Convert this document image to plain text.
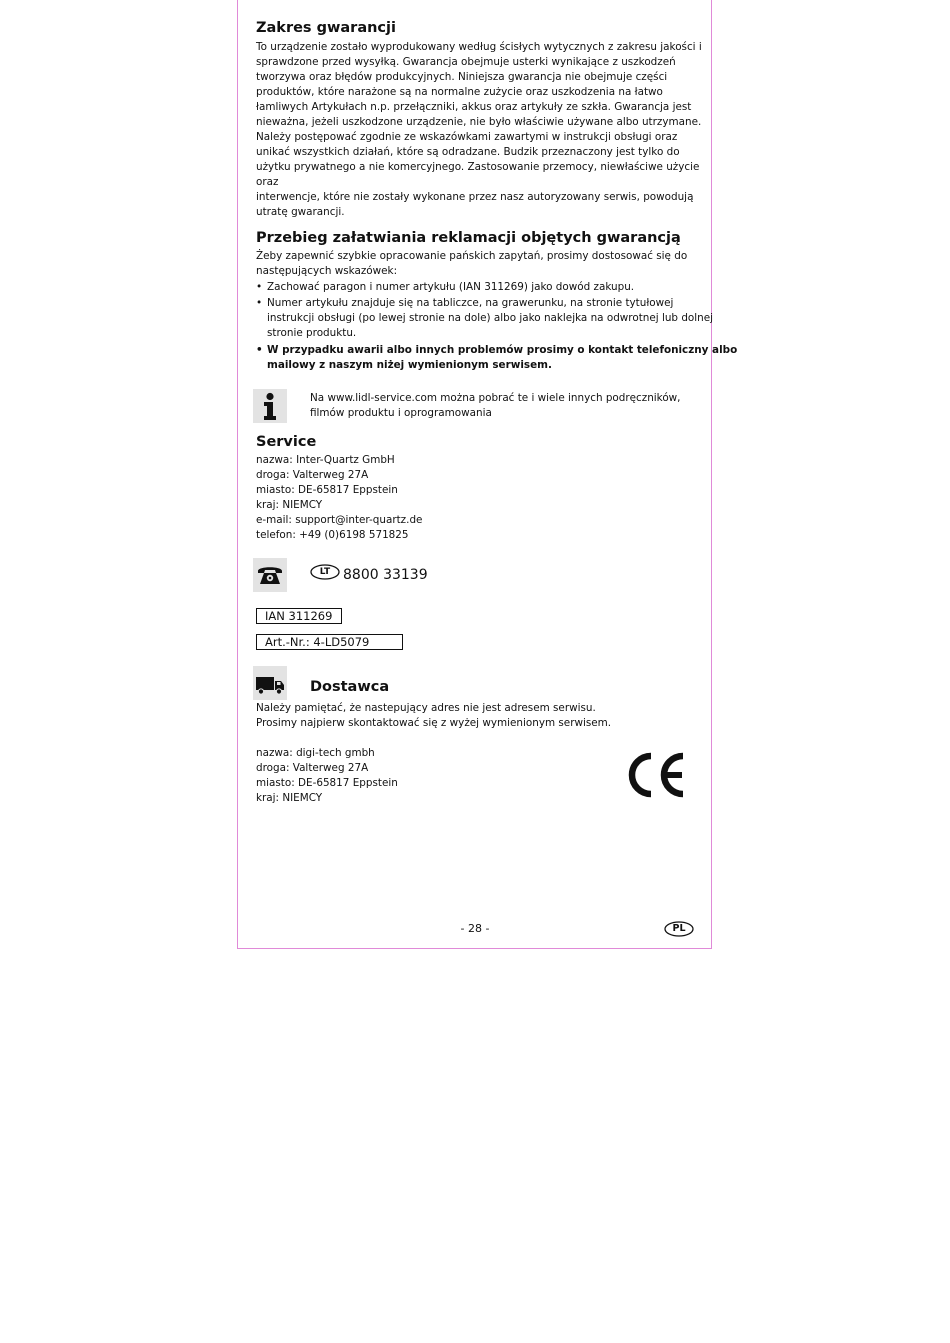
Zakres gwarancji
To urządzenie zostało wyprodukowany według ścisłych wytycznych z zakresu jakości i
sprawdzone przed wysyłką. Gwarancja obejmuje usterki wynikające z uszkodzeń
tworzywa oraz błędów produkcyjnych. Niniejsza gwarancja nie obejmuje części
produktów, które narażone są na normalne zużycie oraz uszkodzenia na łatwo
łamliwych Artykułach n.p. przełączniki, akkus oraz artykuły ze szkła. Gwarancja jest
nieważna, jeżeli uszkodzone urządzenie, nie było właściwie używane albo utrzymane.
Należy postępować zgodnie ze wskazówkami zawartymi w instrukcji obsługi oraz
unikać wszystkich działań, które są odradzane. Budzik przeznaczony jest tylko do
użytku prywatnego a nie komercyjnego. Zastosowanie przemocy, niewłaściwe użycie
oraz
interwencje, które nie zostały wykonane przez nasz autoryzowany serwis, powodują
utratę gwarancji.
Przebieg załatwiania reklamacji objętych gwarancją
Żeby zapewnić szybkie opracowanie pańskich zapytań, prosimy dostosować się do
następujących wskazówek:
• Zachować paragon i numer artykułu (IAN 311269) jako dowód zakupu.
• Numer artykułu znajduje się na tabliczce, na grawerunku, na stronie tytułowej
instrukcji obsługi (po lewej stronie na dole) albo jako naklejka na odwrotnej lub dolnej
stronie produktu.
• W przypadku awarii albo innych problemów prosimy o kontakt telefoniczny albo
mailowy z naszym niżej wymienionym serwisem.
Na www.lidl-service.com można pobrać te i wiele innych podręczników,
filmów produktu i oprogramowania
Service
nazwa: Inter-Quartz GmbH
droga: Valterweg 27A
miasto: DE-65817 Eppstein
kraj: NIEMCY
e-mail: support@inter-quartz.de
telefon: +49 (0)6198 571825
LT 8800 33139
IAN 311269
Art.-Nr.: 4-LD5079
Dostawca
Należy pamiętać, że nastepujący adres nie jest adresem serwisu.
Prosimy najpierw skontaktować się z wyżej wymienionym serwisem.
nazwa: digi-tech gmbh
droga: Valterweg 27A
miasto: DE-65817 Eppstein
kraj: NIEMCY
- 28 -	PL
